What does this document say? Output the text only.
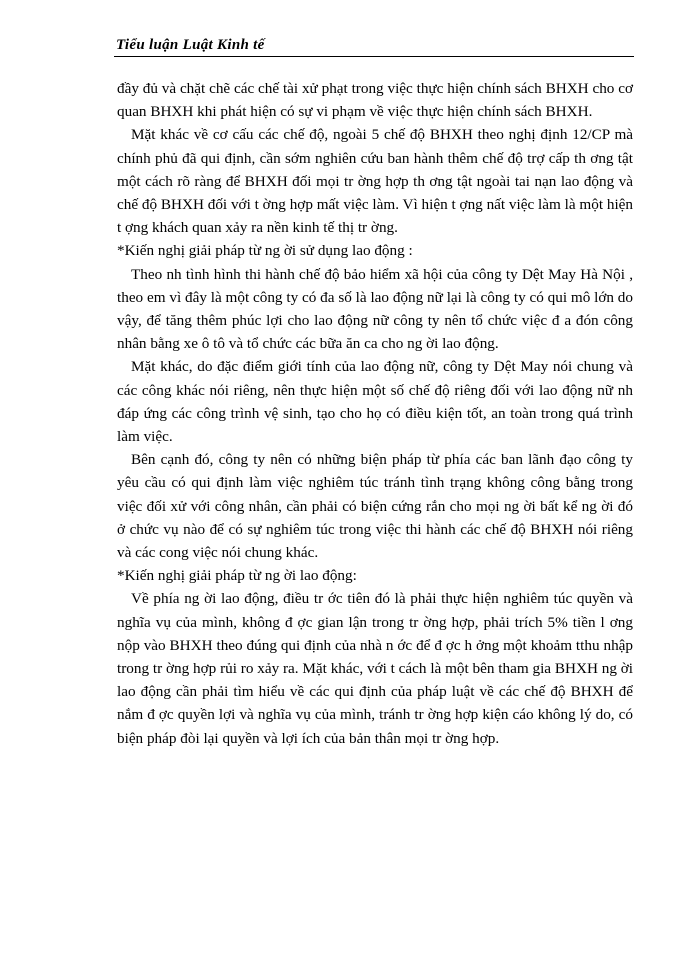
Tiểu luận Luật Kinh tế

đầy đủ và chặt chẽ các chế tài xử phạt trong việc thực hiện chính sách BHXH cho cơ quan BHXH khi phát hiện có sự vi phạm về việc thực hiện chính sách BHXH.

Mặt khác về cơ cấu các chế độ, ngoài 5 chế độ BHXH theo nghị định 12/CP mà chính phủ đã qui định, cần sớm nghiên cứu ban hành thêm chế độ trợ cấp th ơng tật một cách rõ ràng để BHXH đối mọi tr ờng hợp th ơng tật ngoài tai nạn lao động và chế độ BHXH đối với t ờng hợp mất việc làm. Vì hiện t ợng nất việc làm là một hiện t ợng khách quan xảy ra nền kinh tế thị tr ờng.

*Kiến nghị giải pháp từ ng ời sử dụng lao động :

Theo nh tình hình thi hành chế độ bảo hiểm xã hội của công ty Dệt May Hà Nội , theo em vì đây là một công ty có đa số là lao động nữ lại là công ty có qui mô lớn do vậy, để tăng thêm phúc lợi cho lao động nữ công ty nên tổ chức việc đ a đón công nhân bằng xe ô tô và tổ chức các bữa ăn ca cho ng ời lao động.

Mặt khác, do đặc điểm giới tính của lao động nữ, công ty Dệt May nói chung và các công khác nói riêng, nên thực hiện một số chế độ riêng đối với lao động nữ nh đáp ứng các công trình vệ sinh, tạo cho họ có điều kiện tốt, an toàn trong quá trình làm việc.

Bên cạnh đó, công ty nên có những biện pháp từ phía các ban lãnh đạo công ty yêu cầu có qui định làm việc nghiêm túc tránh tình trạng không công bằng trong việc đối xử với công nhân, cần phải có biện cứng rắn cho mọi ng ời bất kể ng ời đó ở chức vụ nào để có sự nghiêm túc trong việc thi hành các chế độ BHXH nói riêng và các cong việc nói chung khác.

*Kiến nghị giải pháp từ ng ời lao động:

Về phía ng ời lao động, điều tr ớc tiên đó là phải thực hiện nghiêm túc quyền và nghĩa vụ của mình, không đ ợc gian lận trong tr ờng hợp, phải trích 5% tiền l ơng nộp vào BHXH theo đúng qui định của nhà n ớc để đ ợc h ởng một khoảm tthu nhập trong tr ờng hợp rủi ro xảy ra. Mặt khác, với t cách là một bên tham gia BHXH ng ời lao động cần phải tìm hiểu về các qui định của pháp luật về các chế độ BHXH để nắm đ ợc quyền lợi và nghĩa vụ của mình, tránh tr ờng hợp kiện cáo không lý do, có biện pháp đòi lại quyền và lợi ích của bản thân mọi tr ờng hợp.
